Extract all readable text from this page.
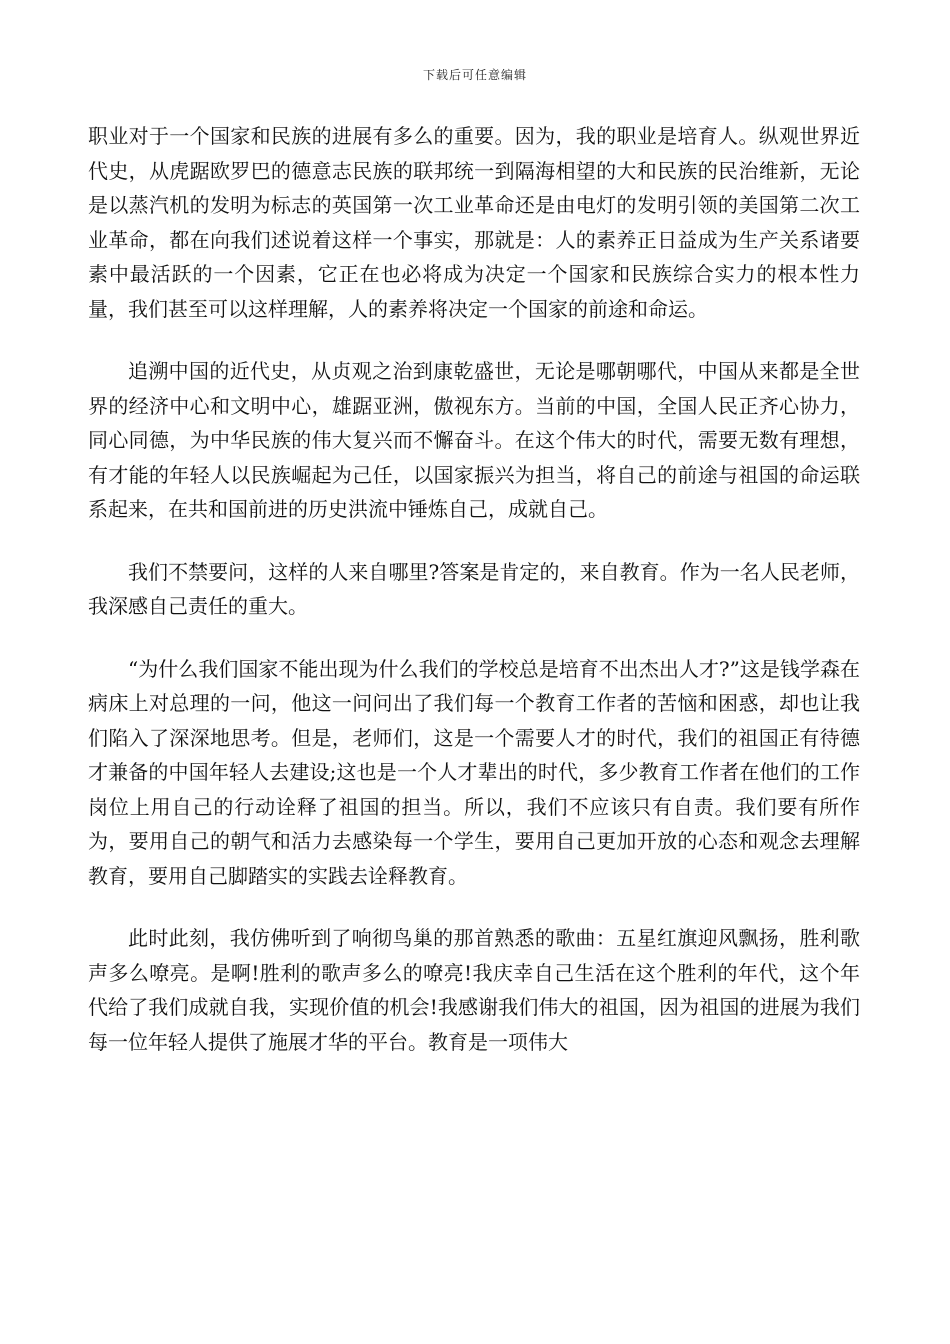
下载后可任意编辑

职业对于一个国家和民族的进展有多么的重要。因为，我的职业是培育人。纵观世界近代史，从虎踞欧罗巴的德意志民族的联邦统一到隔海相望的大和民族的民治维新，无论是以蒸汽机的发明为标志的英国第一次工业革命还是由电灯的发明引领的美国第二次工业革命，都在向我们述说着这样一个事实，那就是：人的素养正日益成为生产关系诸要素中最活跃的一个因素，它正在也必将成为决定一个国家和民族综合实力的根本性力量，我们甚至可以这样理解，人的素养将决定一个国家的前途和命运。

追溯中国的近代史，从贞观之治到康乾盛世，无论是哪朝哪代，中国从来都是全世界的经济中心和文明中心，雄踞亚洲，傲视东方。当前的中国，全国人民正齐心协力，同心同德，为中华民族的伟大复兴而不懈奋斗。在这个伟大的时代，需要无数有理想，有才能的年轻人以民族崛起为己任，以国家振兴为担当，将自己的前途与祖国的命运联系起来，在共和国前进的历史洪流中锤炼自己，成就自己。

我们不禁要问，这样的人来自哪里?答案是肯定的，来自教育。作为一名人民老师，我深感自己责任的重大。

“为什么我们国家不能出现为什么我们的学校总是培育不出杰出人才?”这是钱学森在病床上对总理的一问，他这一问问出了我们每一个教育工作者的苦恼和困惑，却也让我们陷入了深深地思考。但是，老师们，这是一个需要人才的时代，我们的祖国正有待德才兼备的中国年轻人去建设;这也是一个人才辈出的时代，多少教育工作者在他们的工作岗位上用自己的行动诠释了祖国的担当。所以，我们不应该只有自责。我们要有所作为，要用自己的朝气和活力去感染每一个学生，要用自己更加开放的心态和观念去理解教育，要用自己脚踏实的实践去诠释教育。

此时此刻，我仿佛听到了响彻鸟巢的那首熟悉的歌曲：五星红旗迎风飘扬，胜利歌声多么嘹亮。是啊!胜利的歌声多么的嘹亮!我庆幸自己生活在这个胜利的年代，这个年代给了我们成就自我，实现价值的机会!我感谢我们伟大的祖国，因为祖国的进展为我们每一位年轻人提供了施展才华的平台。教育是一项伟大
